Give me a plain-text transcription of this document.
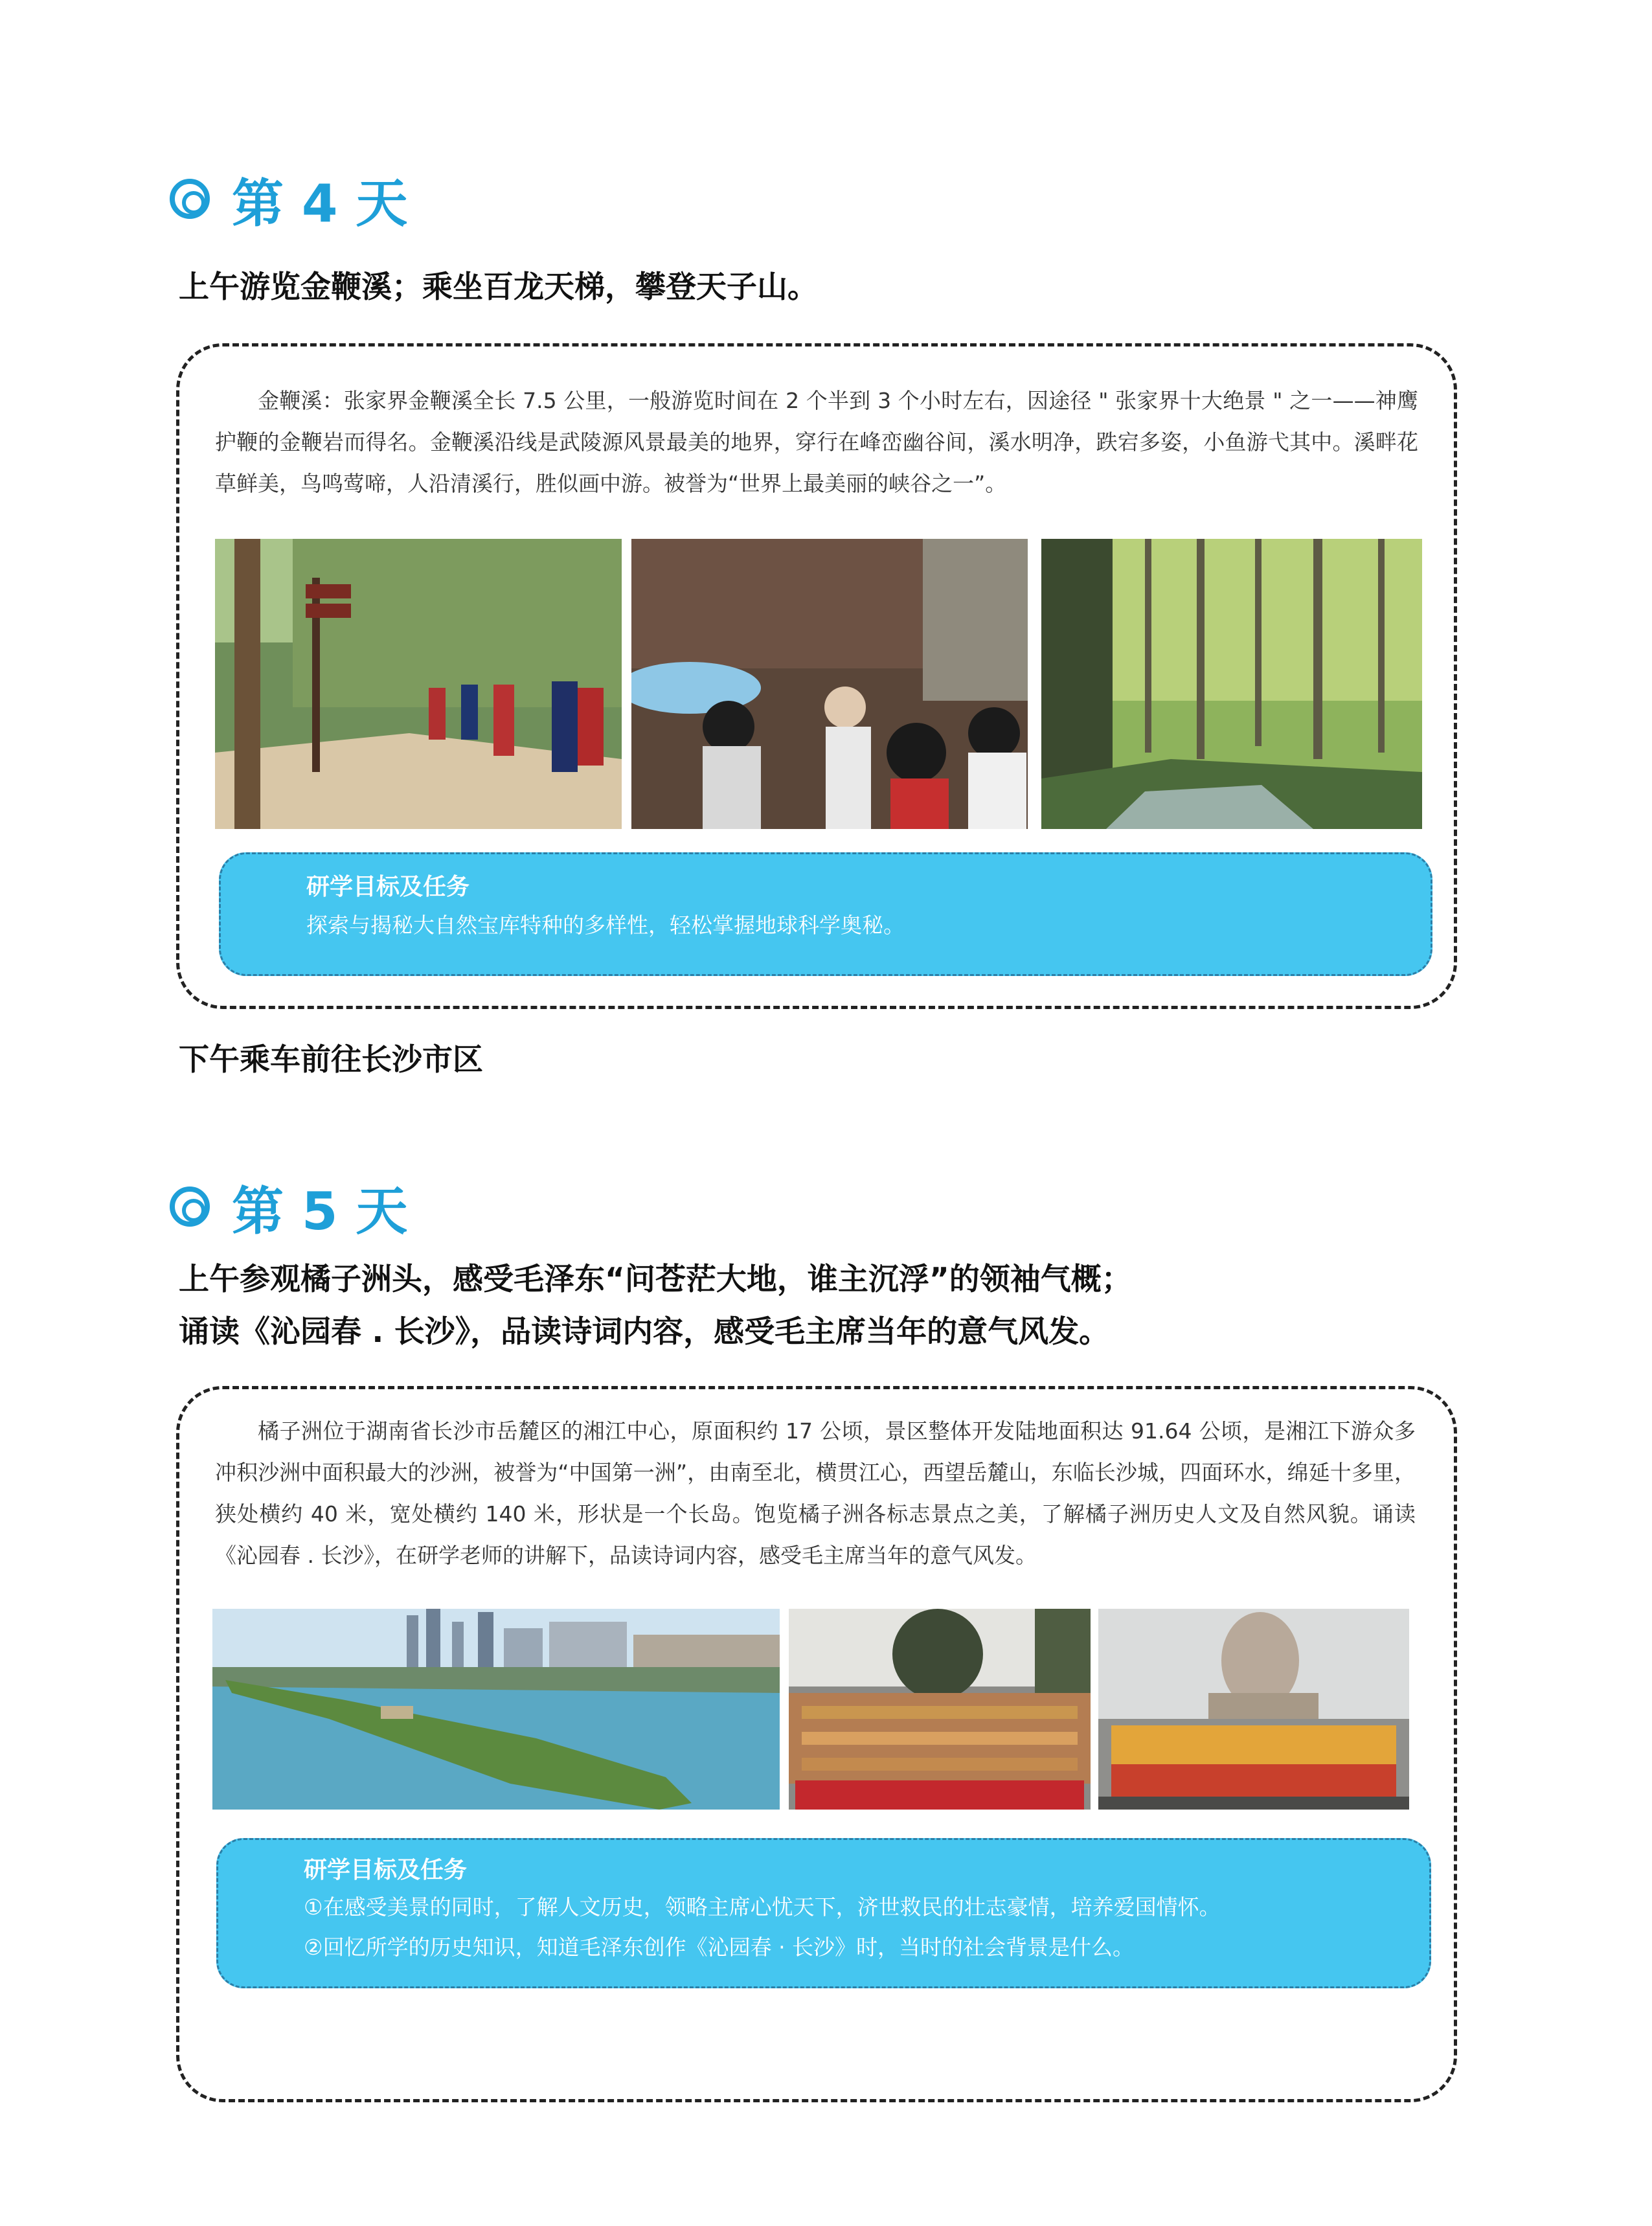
第 4 天
上午游览金鞭溪；乘坐百龙天梯，攀登天子山。
金鞭溪：张家界金鞭溪全长 7.5 公里，一般游览时间在 2 个半到 3 个小时左右，因途径 " 张家界十大绝景 " 之一——神鹰护鞭的金鞭岩而得名。金鞭溪沿线是武陵源风景最美的地界，穿行在峰峦幽谷间，溪水明净，跌宕多姿，小鱼游弋其中。溪畔花草鲜美，鸟鸣莺啼，人沿清溪行，胜似画中游。被誉为“世界上最美丽的峡谷之一”。
研学目标及任务
探索与揭秘大自然宝库特种的多样性，轻松掌握地球科学奥秘。
下午乘车前往长沙市区
第 5 天
上午参观橘子洲头，感受毛泽东“问苍茫大地，谁主沉浮”的领袖气概；
诵读《沁园春 . 长沙》，品读诗词内容，感受毛主席当年的意气风发。
橘子洲位于湖南省长沙市岳麓区的湘江中心，原面积约 17 公顷，景区整体开发陆地面积达 91.64 公顷，是湘江下游众多冲积沙洲中面积最大的沙洲，被誉为“中国第一洲”，由南至北，横贯江心，西望岳麓山，东临长沙城，四面环水，绵延十多里，狭处横约 40 米，宽处横约 140 米，形状是一个长岛。饱览橘子洲各标志景点之美，了解橘子洲历史人文及自然风貌。诵读《沁园春 . 长沙》，在研学老师的讲解下，品读诗词内容，感受毛主席当年的意气风发。
研学目标及任务
①在感受美景的同时，了解人文历史，领略主席心忧天下，济世救民的壮志豪情，培养爱国情怀。
②回忆所学的历史知识，知道毛泽东创作《沁园春 · 长沙》时，当时的社会背景是什么。
